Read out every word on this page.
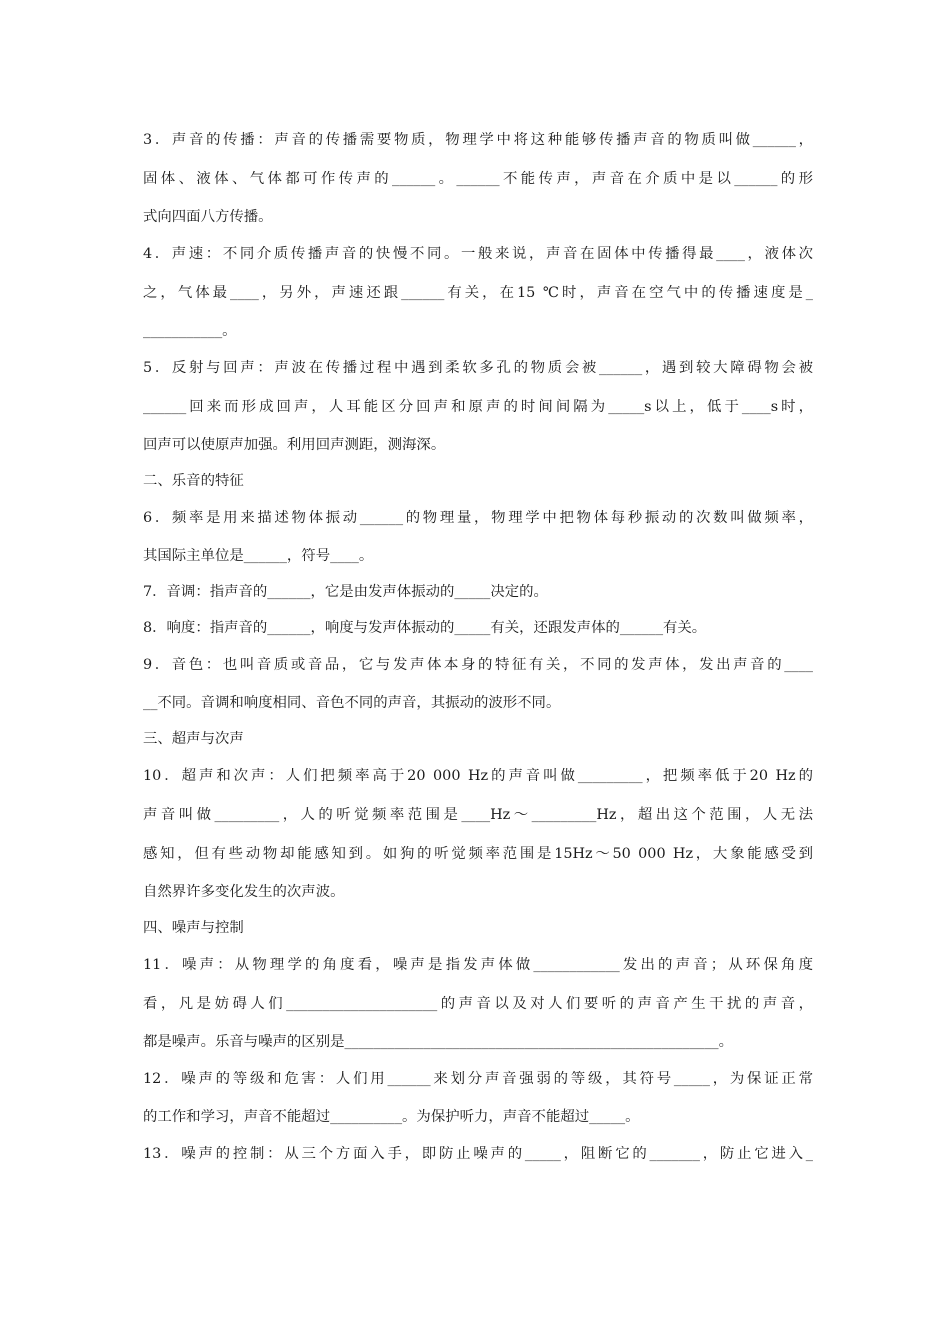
3．声音的传播：声音的传播需要物质，物理学中将这种能够传播声音的物质叫做______，
固体、液体、气体都可作传声的______。______不能传声，声音在介质中是以______的形
式向四面八方传播。
4．声速：不同介质传播声音的快慢不同。一般来说，声音在固体中传播得最____，液体次
之，气体最____，另外，声速还跟______有关，在15 ℃时，声音在空气中的传播速度是_
___________。
5．反射与回声：声波在传播过程中遇到柔软多孔的物质会被______，遇到较大障碍物会被
______回来而形成回声，人耳能区分回声和原声的时间间隔为_____s以上，低于____s时，
回声可以使原声加强。利用回声测距，测海深。
二、乐音的特征
6．频率是用来描述物体振动______的物理量，物理学中把物体每秒振动的次数叫做频率，
其国际主单位是______，符号____。
7．音调：指声音的______，它是由发声体振动的_____决定的。
8．响度：指声音的______，响度与发声体振动的_____有关，还跟发声体的______有关。
9．音色：也叫音质或音品，它与发声体本身的特征有关，不同的发声体，发出声音的____
__不同。音调和响度相同、音色不同的声音，其振动的波形不同。
三、超声与次声
10．超声和次声：人们把频率高于20 000 Hz的声音叫做_________，把频率低于20 Hz的
声音叫做_________，人的听觉频率范围是____Hz～_________Hz，超出这个范围，人无法
感知，但有些动物却能感知到。如狗的听觉频率范围是15Hz～50 000 Hz，大象能感受到
自然界许多变化发生的次声波。
四、噪声与控制
11．噪声：从物理学的角度看，噪声是指发声体做____________发出的声音；从环保角度
看，凡是妨碍人们_____________________的声音以及对人们要听的声音产生干扰的声音，
都是噪声。乐音与噪声的区别是____________________________________________________。
12．噪声的等级和危害：人们用______来划分声音强弱的等级，其符号_____，为保证正常
的工作和学习，声音不能超过__________。为保护听力，声音不能超过_____。
13．噪声的控制：从三个方面入手，即防止噪声的_____，阻断它的_______，防止它进入_
